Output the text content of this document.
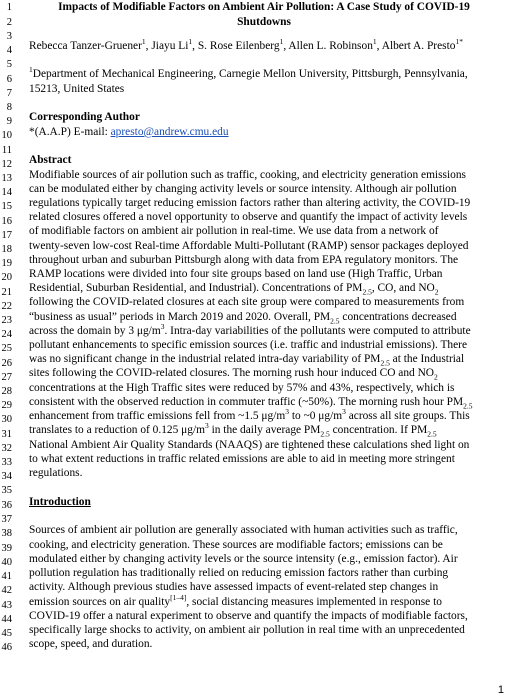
1
2
3
4
5
6
7
8
9
10
11
12
13
14
15
16
17
18
19
20
21
22
23
24
25
26
27
28
29
30
31
32
33
34
35
36
37
38
39
40
41
42
43
44
45
46
Impacts of Modifiable Factors on Ambient Air Pollution: A Case Study of COVID-19
Shutdowns
Rebecca Tanzer-Gruener$^1$, Jiayu Li$^1$, S. Rose Eilenberg$^1$, Allen L. Robinson$^1$, Albert A. Presto$^{1*}$
$^1$Department of Mechanical Engineering, Carnegie Mellon University, Pittsburgh, Pennsylvania,
15213, United States
Corresponding Author
*(A.A.P) E-mail: apresto@andrew.cmu.edu
Abstract
Modifiable sources of air pollution such as traffic, cooking, and electricity generation emissions
can be modulated either by changing activity levels or source intensity. Although air pollution
regulations typically target reducing emission factors rather than altering activity, the COVID-19
related closures offered a novel opportunity to observe and quantify the impact of activity levels
of modifiable factors on ambient air pollution in real-time. We use data from a network of
twenty-seven low-cost Real-time Affordable Multi-Pollutant (RAMP) sensor packages deployed
throughout urban and suburban Pittsburgh along with data from EPA regulatory monitors. The
RAMP locations were divided into four site groups based on land use (High Traffic, Urban
Residential, Suburban Residential, and Industrial). Concentrations of $PM_{2.5}$, CO, and $NO_2$
following the COVID-related closures at each site group were compared to measurements from
“business as usual” periods in March 2019 and 2020. Overall, $PM_{2.5}$ concentrations decreased
across the domain by 3 $\mu g/m^3$. Intra-day variabilities of the pollutants were computed to attribute
pollutant enhancements to specific emission sources (i.e. traffic and industrial emissions). There
was no significant change in the industrial related intra-day variability of $PM_{2.5}$ at the Industrial
sites following the COVID-related closures. The morning rush hour induced CO and $NO_2$
concentrations at the High Traffic sites were reduced by 57% and 43%, respectively, which is
consistent with the observed reduction in commuter traffic (~50%). The morning rush hour $PM_{2.5}$
enhancement from traffic emissions fell from ~1.5 $\mu g/m^3$ to ~0 $\mu g/m^3$ across all site groups. This
translates to a reduction of 0.125 $\mu g/m^3$ in the daily average $PM_{2.5}$ concentration. If $PM_{2.5}$
National Ambient Air Quality Standards (NAAQS) are tightened these calculations shed light on
to what extent reductions in traffic related emissions are able to aid in meeting more stringent
regulations.
Introduction
Sources of ambient air pollution are generally associated with human activities such as traffic,
cooking, and electricity generation. These sources are modifiable factors; emissions can be
modulated either by changing activity levels or the source intensity (e.g., emission factor). Air
pollution regulation has traditionally relied on reducing emission factors rather than curbing
activity. Although previous studies have assessed impacts of event-related step changes in
emission sources on air quality[1–4], social distancing measures implemented in response to
COVID-19 offer a natural experiment to observe and quantify the impacts of modifiable factors,
specifically large shocks to activity, on ambient air pollution in real time with an unprecedented
scope, speed, and duration.
1
